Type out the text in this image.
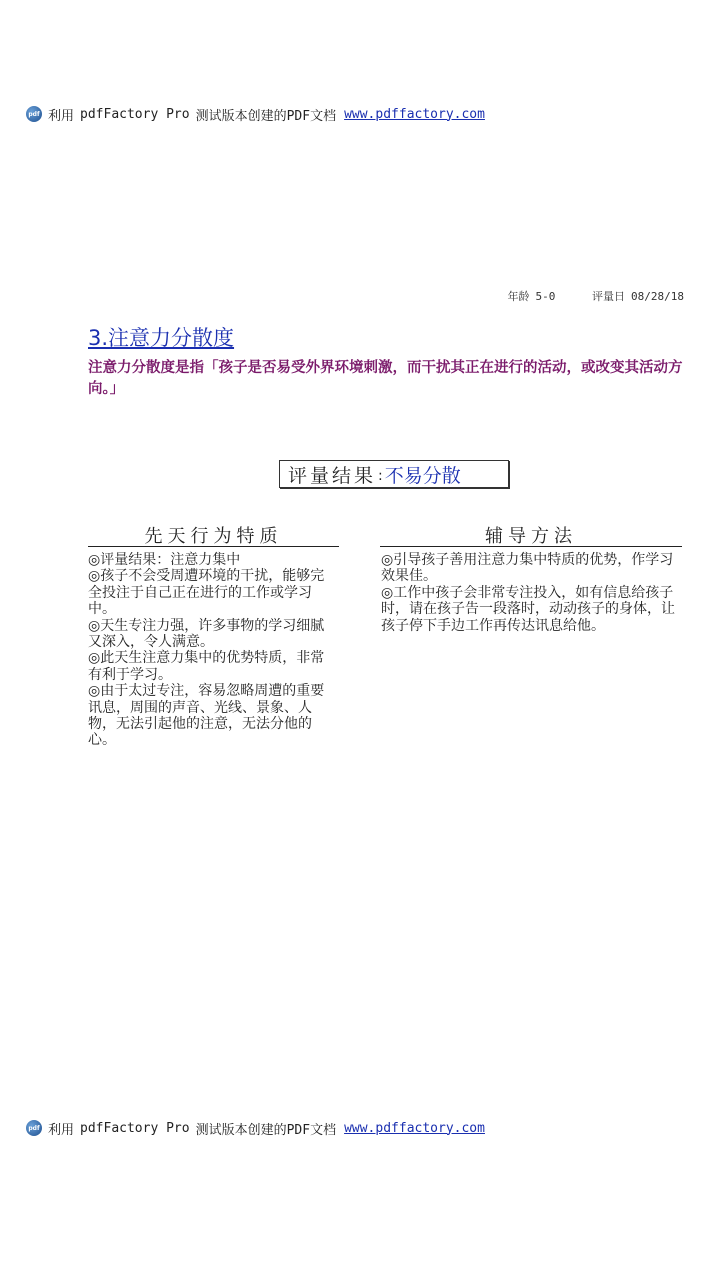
pdf 利用 pdfFactory Pro 测试版本创建的PDF文档 www.pdffactory.com
年龄 5-0	评量日 08/28/18
3.注意力分散度
注意力分散度是指「孩子是否易受外界环境刺激，而干扰其正在进行的活动，或改变其活动方向。」
评量结果 : 不易分散
先天行为特质	辅导方法

◎评量结果：注意力集中

◎孩子不会受周遭环境的干扰，能够完全投注于自己正在进行的工作或学习中。

◎天生专注力强，许多事物的学习细腻又深入，令人满意。

◎此天生注意力集中的优势特质，非常有利于学习。

◎由于太过专注，容易忽略周遭的重要讯息，周围的声音、光线、景象、人物，无法引起他的注意，无法分他的心。

◎引导孩子善用注意力集中特质的优势，作学习效果佳。

◎工作中孩子会非常专注投入，如有信息给孩子时，请在孩子告一段落时，动动孩子的身体，让孩子停下手边工作再传达讯息给他。

pdf 利用 pdfFactory Pro 测试版本创建的PDF文档 www.pdffactory.com
